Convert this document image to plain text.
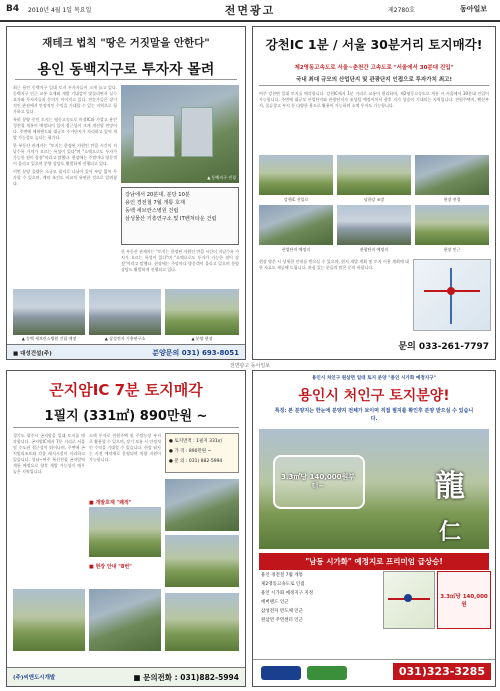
B4 2010년 4월 1일 목요일	전면광고	제2780호	동아일보
재테크 법칙 "땅은 거짓말을 안한다"
용인 동백지구로 투자자 몰려

최근 용인 동백지구 일대 토지 투자자들이 크게 늘고 있다. 동백지구 인근 교통 호재와 개발 기대감이 맞물리면서 실수요자와 투자자들의 문의가 이어지고 있다. 전문가들은 장기적인 관점에서 안정적인 수익을 기대할 수 있는 지역으로 평가하고 있다.

특히 분양 중인 토지는 영동고속도로 마성IC와 가깝고 용인 경전철 개통이 예정되어 있어 접근성이 크게 개선될 전망이다. 주변에 에버랜드와 대규모 주거단지가 자리하고 있어 개발 가능성도 높다는 평가다.

한 부동산 관계자는 "토지는 한정된 자원인 만큼 시간이 지날수록 가치가 오르는 특성이 있다"며 "소액으로도 투자가 가능한 점이 장점"이라고 말했다. 현장에는 주말마다 방문객이 몰리고 있으며 분양 상담도 활발하게 진행되고 있다.

이번 분양 물량은 소규모 필지로 나뉘어 있어 부담 없이 투자할 수 있으며, 계약 조건도 비교적 유연한 것으로 알려졌다.

▲ 동백지구 전경
강남에서 20분대, 분당 10분
용인 경전철 7월 개통 호재
동백 세브란스병원 건립
삼성물산 기흥연구소 및 IT벤처타운 건립

한 부동산 관계자는 "토지는 한정된 자원인 만큼 시간이 지날수록 가치가 오르는 특성이 있다"며 "소액으로도 투자가 가능한 점이 장점"이라고 말했다. 현장에는 주말마다 방문객이 몰리고 있으며 분양 상담도 활발하게 진행되고 있다.

▲ 동백 세브란스병원 건립 예정	▲ 삼성전자 기흥연구소	▲ 분양 현장
■ 대성건설(주)	분양문의 031) 693-8051
강천IC 1분 / 서울 30분거리 토지매각!
제2영동고속도로 서울~춘천간 고속도로 "서울에서 30분대 진입"
국내 최대 규모의 산업단지 및 관광단지 인접으로 투자가치 최고!
여주 강천면 일대 토지를 매각합니다. 강천IC에서 1분 거리로 교통이 편리하며, 제2영동고속도로 개통 시 서울에서 30분대 진입이 가능합니다. 주변에 대규모 산업단지와 관광단지가 조성될 예정이어서 향후 지가 상승이 기대되는 지역입니다. 전원주택지, 펜션부지, 물류창고 부지 등 다양한 용도로 활용이 가능하며 소액 투자도 가능합니다.
강천IC 진입로	남한강 조망	현장 전경
산업단지 예정지	관광단지 예정지	현장 인근
현장 방문 시 상세한 안내를 받으실 수 있으며, 현지 개발 계획 및 토지 이용 계획에 대한 자료도 제공해 드립니다. 관심 있는 분들의 많은 문의 바랍니다.
문의 033-261-7797
전면광고 동아일보
곤지암IC 7분 토지매각
1필지 (331㎡) 890만원 ~
경기도 광주시 곤지암읍 일대 토지를 매각합니다. 곤지암IC에서 7분 거리로 서울 및 수도권 접근성이 뛰어나며, 주변에 곤지암리조트와 각종 레저시설이 자리하고 있습니다. 성남~여주 복선전철 곤지암역 개통 예정으로 향후 개발 가능성이 매우 높은 지역입니다.
소액 투자로 전원주택 및 주말농장 부지로 활용할 수 있으며, 장기 보유 시 안정적인 수익을 기대할 수 있습니다. 현장 답사는 사전 예약제로 운영되며 차량 지원이 가능합니다.
■ 개발호재 "쾌적"
■ 현장 안내 "8번"
● 토지면적 : 1필지 331㎡
● 가 격 : 890만원 ~
● 문 의 : 031) 882-5994
(주)씨앤도시개발	■ 문의전화 : 031)882-5994
용인시 처인구 원삼면 일대 토지 분양 "용인 시가화 예정지구"
용인시 처인구 토지분양!
특징: 본 분양지는 한눈에 분양지 전체가 보이며 직접 필지를 확인후 분양 받으실 수 있습니다.
3.3㎡당 140,000원부터~	龍
仁
"남동 시가화" 예정지로 프리미엄 급상승!
용인 경전철 7월 개통
제2영동고속도로 인접
용인 시가화 예정지구 지정
에버랜드 인근
삼성전자 반도체 인근
원삼면 주민센터 인근
3.3㎡당 140,000원
031)323-3285
